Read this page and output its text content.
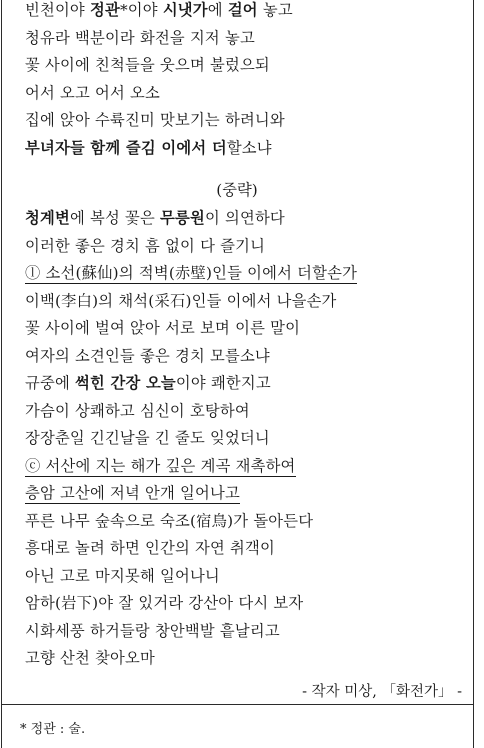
빈천이야 정관*이야 시냇가에 걸어 놓고
청유라 백분이라 화전을 지저 놓고
꽃 사이에 친척들을 웃으며 불렀으되
어서 오고 어서 오소
집에 앉아 수륙진미 맛보기는 하려니와
부녀자들 함께 즐김 이에서 더할소냐
(중략)
청계변에 복성 꽃은 무릉원이 의연하다
이러한 좋은 경치 흠 없이 다 즐기니
ⓛ 소선(蘇仙)의 적벽(赤壁)인들 이에서 더할손가
이백(李白)의 채석(采石)인들 이에서 나을손가
꽃 사이에 벌여 앉아 서로 보며 이른 말이
여자의 소견인들 좋은 경치 모를소냐
규중에 썩힌 간장 오늘이야 쾌한지고
가슴이 상쾌하고 심신이 호탕하여
장장춘일 긴긴날을 긴 줄도 잊었더니
ⓒ 서산에 지는 해가 깊은 계곡 재촉하여
층암 고산에 저녁 안개 일어나고
푸른 나무 숲속으로 숙조(宿鳥)가 돌아든다
흥대로 놀려 하면 인간의 자연 취객이
아닌 고로 마지못해 일어나니
암하(岩下)야 잘 있거라 강산아 다시 보자
시화세풍 하거들랑 창안백발 흩날리고
고향 산천 찾아오마
- 작자 미상, 「화전가」 -
* 정관 : 술.
